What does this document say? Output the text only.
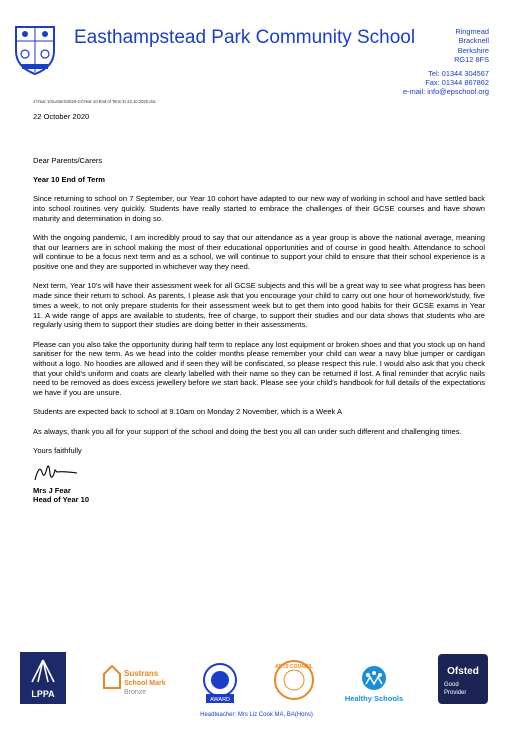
Easthampstead Park Community School	Ringmead
Bracknell
Berkshire
RG12 8FS
Tel: 01344 304567
Fax: 01344 867862
e-mail: info@epschool.org
J:\Year 10\Letters\2020-21\Year 10 End of Term ltr 22.10.2020.doc

22 October 2020

Dear Parents/Carers

Year 10 End of Term

Since returning to school on 7 September, our Year 10 cohort have adapted to our new way of working in school and have settled back into school routines very quickly. Students have really started to embrace the challenges of their GCSE courses and have shown maturity and determination in doing so.

With the ongoing pandemic, I am incredibly proud to say that our attendance as a year group is above the national average, meaning that our learners are in school making the most of their educational opportunities and of course in good health. Attendance to school will continue to be a focus next term and as a school, we will continue to support your child to ensure that their school experience is a positive one and they are supported in whichever way they need.

Next term, Year 10's will have their assessment week for all GCSE subjects and this will be a great way to see what progress has been made since their return to school. As parents, I please ask that you encourage your child to carry out one hour of homework/study, five times a week, to not only prepare students for their assessment week but to get them into good habits for their GCSE exams in Year 11. A wide range of apps are available to students, free of charge, to support their studies and our data shows that students who are regularly using them to support their studies are doing better in their assessments.

Please can you also take the opportunity during half term to replace any lost equipment or broken shoes and that you stock up on hand sanitiser for the new term. As we head into the colder months please remember your child can wear a navy blue jumper or cardigan without a logo. No hoodies are allowed and if seen they will be confiscated, so please respect this rule. I would also ask that you check that your child's uniform and coats are clearly labelled with their name so they can be returned if lost. A final reminder that acrylic nails need to be removed as does excess jewellery before we start back. Please see your child's handbook for full details of the expectations we have if you are unsure.

Students are expected back to school at 9.10am on Monday 2 November, which is a Week A

As always, thank you all for your support of the school and doing the best you all can under such different and challenging times.

Yours faithfully

Mrs J Fear

Head of Year 10

LPPA
Sustrans
School Mark
Bronze
AWARD
ARTS COUNCIL
Healthy Schools
Ofsted
Good
Provider
Headteacher: Mrs Liz Cook MA, BA(Hons)
